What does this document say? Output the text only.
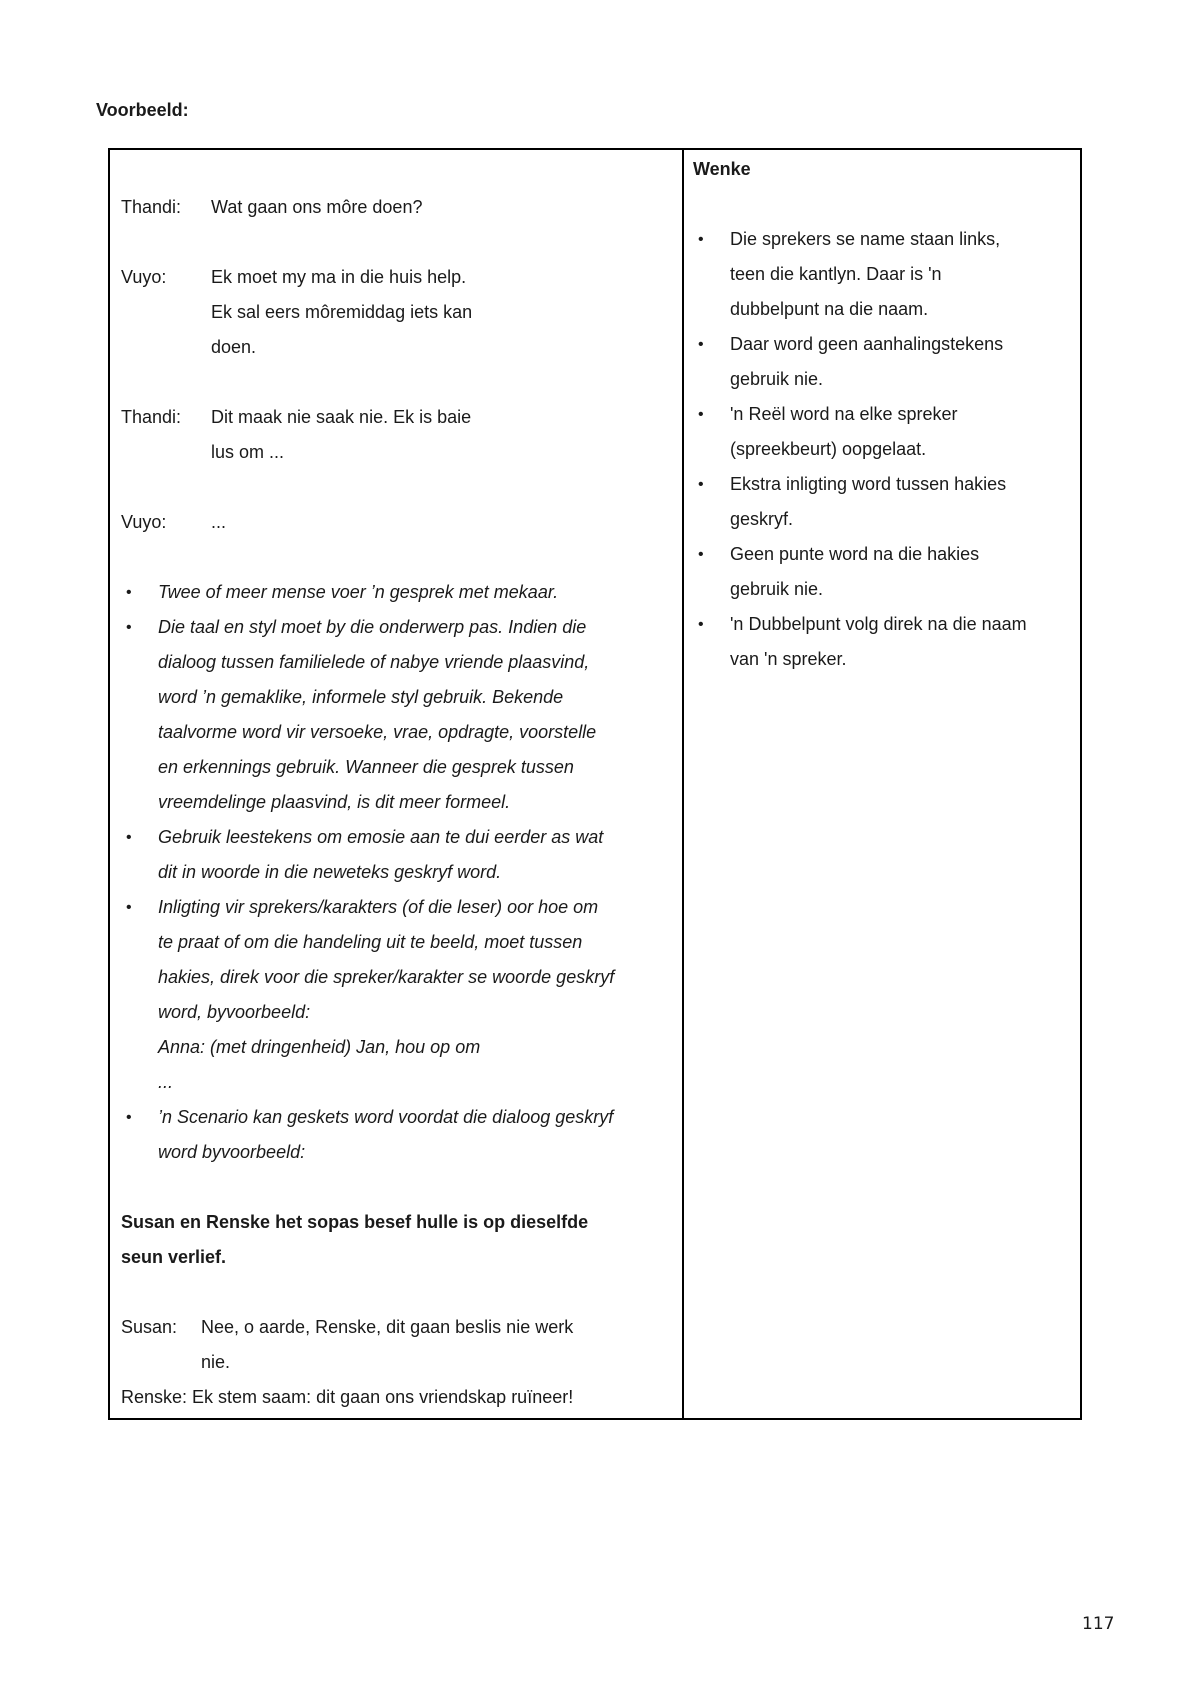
Voorbeeld:

Thandi:	Wat gaan ons môre doen?
Vuyo:	Ek moet my ma in die huis help.
Ek sal eers môremiddag iets kan
doen.
Thandi:	Dit maak nie saak nie. Ek is baie
lus om ...
Vuyo:	...
• Twee of meer mense voer ’n gesprek met mekaar.
• Die taal en styl moet by die onderwerp pas. Indien die
dialoog tussen familielede of nabye vriende plaasvind,
word ’n gemaklike, informele styl gebruik. Bekende
taalvorme word vir versoeke, vrae, opdragte, voorstelle
en erkennings gebruik. Wanneer die gesprek tussen
vreemdelinge plaasvind, is dit meer formeel.
• Gebruik leestekens om emosie aan te dui eerder as wat
dit in woorde in die neweteks geskryf word.
• Inligting vir sprekers/karakters (of die leser) oor hoe om
te praat of om die handeling uit te beeld, moet tussen
hakies, direk voor die spreker/karakter se woorde geskryf
word, byvoorbeeld:
Anna: (met dringenheid) Jan, hou op om
...
• ’n Scenario kan geskets word voordat die dialoog geskryf
word byvoorbeeld:

Susan en Renske het sopas besef hulle is op dieselfde
seun verlief.

Susan:	Nee, o aarde, Renske, dit gaan beslis nie werk
nie.
Renske: Ek stem saam: dit gaan ons vriendskap ruïneer!

Wenke

• Die sprekers se name staan links,
teen die kantlyn. Daar is 'n
dubbelpunt na die naam.
• Daar word geen aanhalingstekens
gebruik nie.
• 'n Reël word na elke spreker
(spreekbeurt) oopgelaat.
• Ekstra inligting word tussen hakies
geskryf.
• Geen punte word na die hakies
gebruik nie.
• 'n Dubbelpunt volg direk na die naam
van 'n spreker.
117
